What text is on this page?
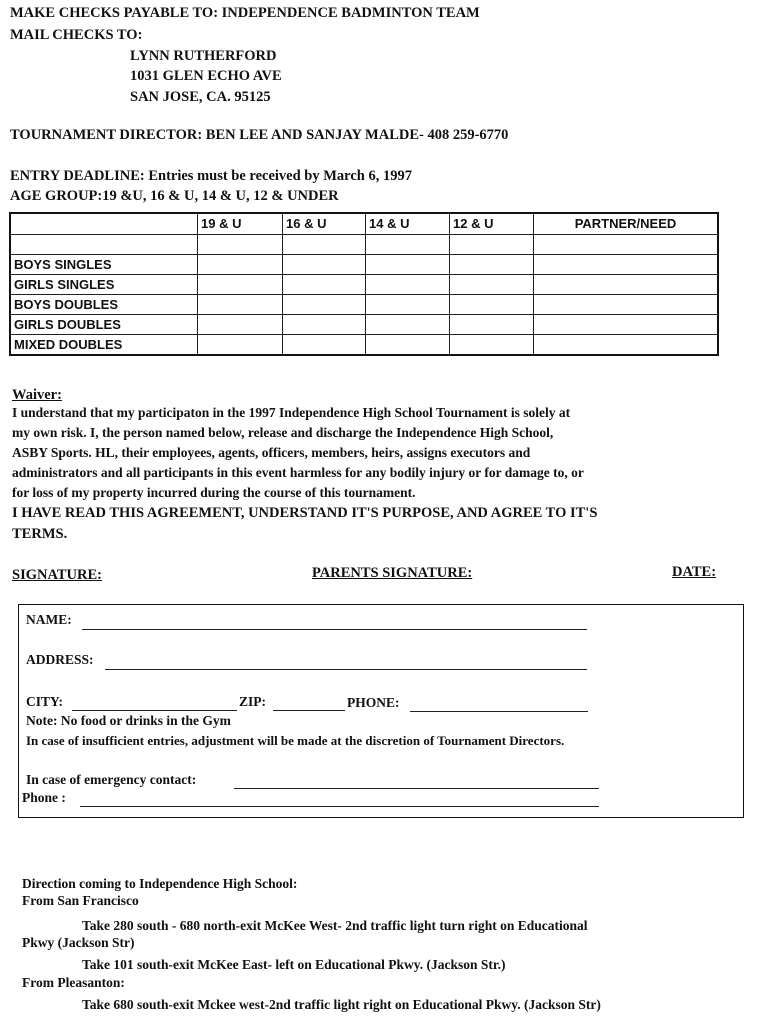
MAKE CHECKS PAYABLE TO: INDEPENDENCE BADMINTON TEAM
MAIL CHECKS TO:
LYNN RUTHERFORD
1031 GLEN ECHO AVE
SAN JOSE, CA. 95125
TOURNAMENT DIRECTOR: BEN LEE AND SANJAY MALDE- 408 259-6770
ENTRY DEADLINE: Entries must be received by March 6, 1997
AGE GROUP:19 &U, 16 & U, 14 & U, 12 & UNDER
	19 & U	16 & U	14 & U	12 & U	PARTNER/NEED

BOYS SINGLES					
GIRLS SINGLES					
BOYS DOUBLES					
GIRLS DOUBLES					
MIXED DOUBLES					
Waiver:
I understand that my participaton in the 1997 Independence High School Tournament is solely at
my own risk. I, the person named below, release and discharge the Independence High School,
ASBY Sports. HL, their employees, agents, officers, members, heirs, assigns executors and
administrators and all participants in this event harmless for any bodily injury or for damage to, or
for loss of my property incurred during the course of this tournament.
I HAVE READ THIS AGREEMENT, UNDERSTAND IT'S PURPOSE, AND AGREE TO IT'S
TERMS.
SIGNATURE:	PARENTS SIGNATURE:	DATE:
NAME:
ADDRESS:
CITY:	ZIP:	PHONE:
Note: No food or drinks in the Gym
In case of insufficient entries, adjustment will be made at the discretion of Tournament Directors.
In case of emergency contact:
Phone :
Direction coming to Independence High School:
From San Francisco
Take 280 south - 680 north-exit McKee West- 2nd traffic light turn right on Educational
Pkwy (Jackson Str)
Take 101 south-exit McKee East- left on Educational Pkwy. (Jackson Str.)
From Pleasanton:
Take 680 south-exit Mckee west-2nd traffic light right on Educational Pkwy. (Jackson Str)
